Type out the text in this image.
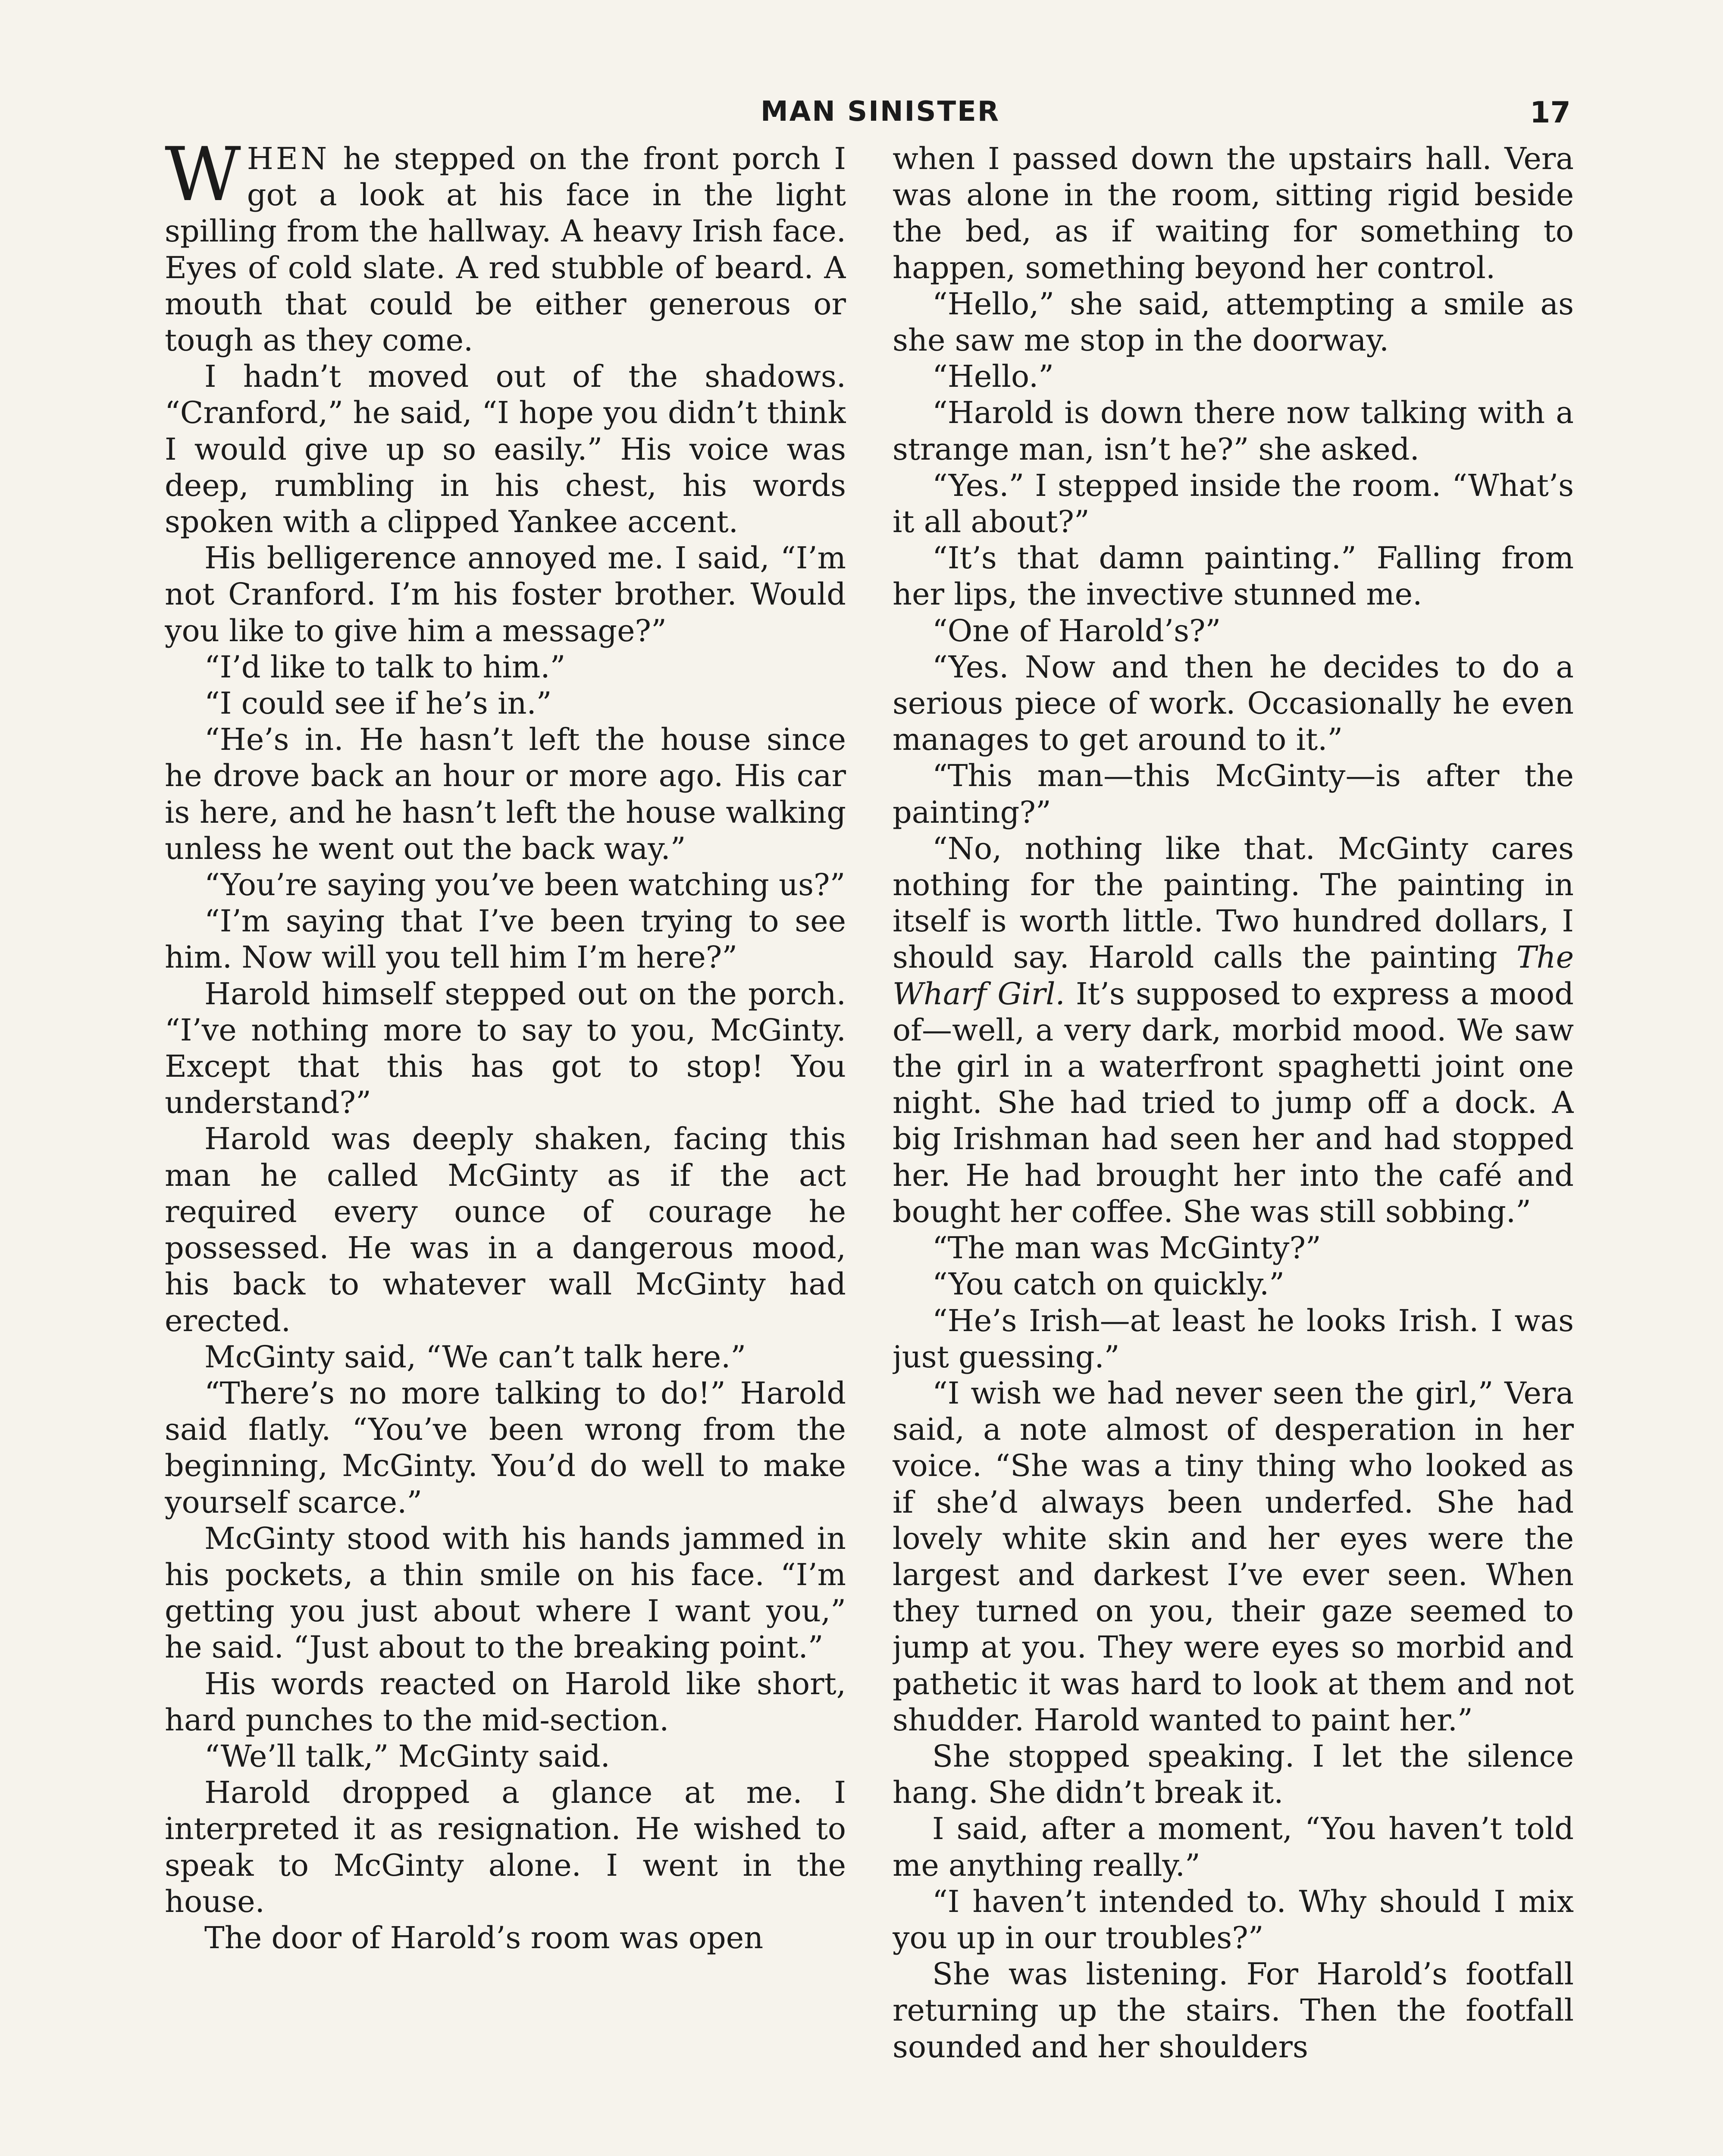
MAN SINISTER	17

WHEN he stepped on the front porch I got a look at his face in the light spilling from the hallway. A heavy Irish face. Eyes of cold slate. A red stubble of beard. A mouth that could be either generous or tough as they come.

I hadn’t moved out of the shadows. “Cranford,” he said, “I hope you didn’t think I would give up so easily.” His voice was deep, rumbling in his chest, his words spoken with a clipped Yankee accent.

His belligerence annoyed me. I said, “I’m not Cranford. I’m his foster brother. Would you like to give him a message?”

“I’d like to talk to him.”

“I could see if he’s in.”

“He’s in. He hasn’t left the house since he drove back an hour or more ago. His car is here, and he hasn’t left the house walking unless he went out the back way.”

“You’re saying you’ve been watching us?”

“I’m saying that I’ve been trying to see him. Now will you tell him I’m here?”

Harold himself stepped out on the porch. “I’ve nothing more to say to you, McGinty. Except that this has got to stop! You understand?”

Harold was deeply shaken, facing this man he called McGinty as if the act required every ounce of courage he possessed. He was in a dangerous mood, his back to whatever wall McGinty had erected.

McGinty said, “We can’t talk here.”

“There’s no more talking to do!” Harold said flatly. “You’ve been wrong from the beginning, McGinty. You’d do well to make yourself scarce.”

McGinty stood with his hands jammed in his pockets, a thin smile on his face. “I’m getting you just about where I want you,” he said. “Just about to the breaking point.”

His words reacted on Harold like short, hard punches to the mid-section.

“We’ll talk,” McGinty said.

Harold dropped a glance at me. I interpreted it as resignation. He wished to speak to McGinty alone. I went in the house.

The door of Harold’s room was open

when I passed down the upstairs hall. Vera was alone in the room, sitting rigid beside the bed, as if waiting for something to happen, something beyond her control.

“Hello,” she said, attempting a smile as she saw me stop in the doorway.

“Hello.”

“Harold is down there now talking with a strange man, isn’t he?” she asked.

“Yes.” I stepped inside the room. “What’s it all about?”

“It’s that damn painting.” Falling from her lips, the invective stunned me.

“One of Harold’s?”

“Yes. Now and then he decides to do a serious piece of work. Occasionally he even manages to get around to it.”

“This man—this McGinty—is after the painting?”

“No, nothing like that. McGinty cares nothing for the painting. The painting in itself is worth little. Two hundred dollars, I should say. Harold calls the painting The Wharf Girl. It’s supposed to express a mood of—well, a very dark, morbid mood. We saw the girl in a waterfront spaghetti joint one night. She had tried to jump off a dock. A big Irishman had seen her and had stopped her. He had brought her into the café and bought her coffee. She was still sobbing.”

“The man was McGinty?”

“You catch on quickly.”

“He’s Irish—at least he looks Irish. I was just guessing.”

“I wish we had never seen the girl,” Vera said, a note almost of desperation in her voice. “She was a tiny thing who looked as if she’d always been underfed. She had lovely white skin and her eyes were the largest and darkest I’ve ever seen. When they turned on you, their gaze seemed to jump at you. They were eyes so morbid and pathetic it was hard to look at them and not shudder. Harold wanted to paint her.”

She stopped speaking. I let the silence hang. She didn’t break it.

I said, after a moment, “You haven’t told me anything really.”

“I haven’t intended to. Why should I mix you up in our troubles?”

She was listening. For Harold’s footfall returning up the stairs. Then the footfall sounded and her shoulders
